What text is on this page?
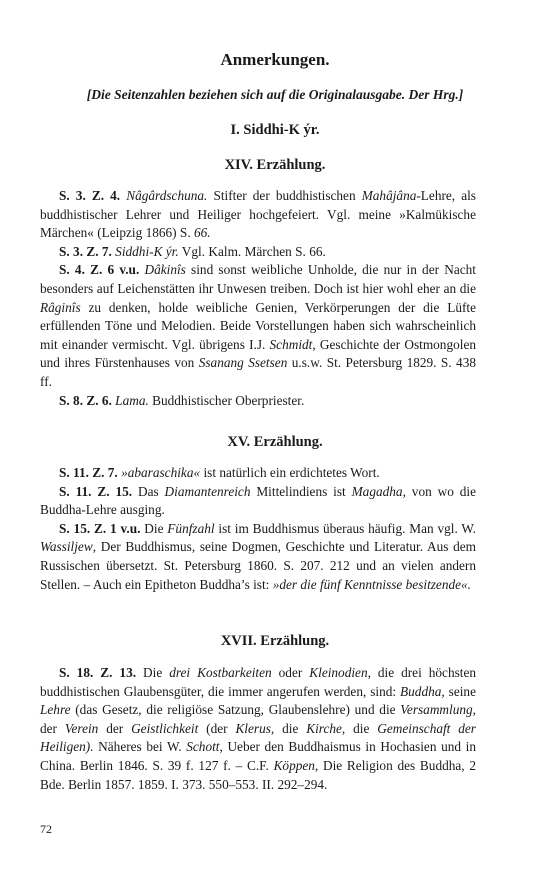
Anmerkungen.

[Die Seitenzahlen beziehen sich auf die Originalausgabe. Der Hrg.]

I. Siddhi-K ýr.
XIV. Erzählung.

S. 3. Z. 4. Nâgârdschuna. Stifter der buddhistischen Mahâjâna-Lehre, als buddhistischer Lehrer und Heiliger hochgefeiert. Vgl. meine »Kalmükische Märchen« (Leipzig 1866) S. 66.

S. 3. Z. 7. Siddhi-K ýr. Vgl. Kalm. Märchen S. 66.

S. 4. Z. 6 v.u. Dâkinîs sind sonst weibliche Unholde, die nur in der Nacht besonders auf Leichenstätten ihr Unwesen treiben. Doch ist hier wohl eher an die Râginîs zu denken, holde weibliche Genien, Verkörperungen der die Lüfte erfüllenden Töne und Melodien. Beide Vorstellungen haben sich wahrscheinlich mit einander vermischt. Vgl. übrigens I.J. Schmidt, Geschichte der Ostmongolen und ihres Fürstenhauses von Ssanang Ssetsen u.s.w. St. Petersburg 1829. S. 438 ff.

S. 8. Z. 6. Lama. Buddhistischer Oberpriester.

XV. Erzählung.

S. 11. Z. 7. »abaraschika« ist natürlich ein erdichtetes Wort.

S. 11. Z. 15. Das Diamantenreich Mittelindiens ist Magadha, von wo die Buddha-Lehre ausging.

S. 15. Z. 1 v.u. Die Fünfzahl ist im Buddhismus überaus häufig. Man vgl. W. Wassiljew, Der Buddhismus, seine Dogmen, Geschichte und Literatur. Aus dem Russischen übersetzt. St. Petersburg 1860. S. 207. 212 und an vielen andern Stellen. – Auch ein Epitheton Buddha’s ist: »der die fünf Kenntnisse besitzende«.

XVII. Erzählung.

S. 18. Z. 13. Die drei Kostbarkeiten oder Kleinodien, die drei höchsten buddhistischen Glaubensgüter, die immer angerufen werden, sind: Buddha, seine Lehre (das Gesetz, die religiöse Satzung, Glaubenslehre) und die Versammlung, der Verein der Geistlichkeit (der Klerus, die Kirche, die Gemeinschaft der Heiligen). Näheres bei W. Schott, Ueber den Buddhaismus in Hochasien und in China. Berlin 1846. S. 39 f. 127 f. – C.F. Köppen, Die Religion des Buddha, 2 Bde. Berlin 1857. 1859. I. 373. 550–553. II. 292–294.

72
